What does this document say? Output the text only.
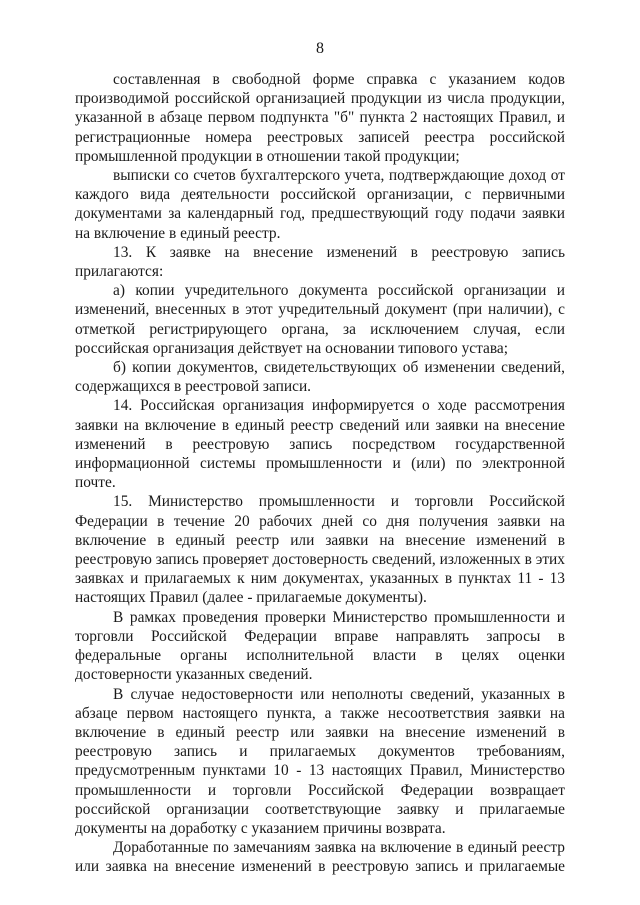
8

составленная в свободной форме справка с указанием кодов производимой российской организацией продукции из числа продукции, указанной в абзаце первом подпункта "б" пункта 2 настоящих Правил, и регистрационные номера реестровых записей реестра российской промышленной продукции в отношении такой продукции;

выписки со счетов бухгалтерского учета, подтверждающие доход от каждого вида деятельности российской организации, с первичными документами за календарный год, предшествующий году подачи заявки на включение в единый реестр.

13. К заявке на внесение изменений в реестровую запись прилагаются:

а) копии учредительного документа российской организации и изменений, внесенных в этот учредительный документ (при наличии), с отметкой регистрирующего органа, за исключением случая, если российская организация действует на основании типового устава;

б) копии документов, свидетельствующих об изменении сведений, содержащихся в реестровой записи.

14. Российская организация информируется о ходе рассмотрения заявки на включение в единый реестр сведений или заявки на внесение изменений в реестровую запись посредством государственной информационной системы промышленности и (или) по электронной почте.

15. Министерство промышленности и торговли Российской Федерации в течение 20 рабочих дней со дня получения заявки на включение в единый реестр или заявки на внесение изменений в реестровую запись проверяет достоверность сведений, изложенных в этих заявках и прилагаемых к ним документах, указанных в пунктах 11 - 13 настоящих Правил (далее - прилагаемые документы).

В рамках проведения проверки Министерство промышленности и торговли Российской Федерации вправе направлять запросы в федеральные органы исполнительной власти в целях оценки достоверности указанных сведений.

В случае недостоверности или неполноты сведений, указанных в абзаце первом настоящего пункта, а также несоответствия заявки на включение в единый реестр или заявки на внесение изменений в реестровую запись и прилагаемых документов требованиям, предусмотренным пунктами 10 - 13 настоящих Правил, Министерство промышленности и торговли Российской Федерации возвращает российской организации соответствующие заявку и прилагаемые документы на доработку с указанием причины возврата.

Доработанные по замечаниям заявка на включение в единый реестр или заявка на внесение изменений в реестровую запись и прилагаемые
